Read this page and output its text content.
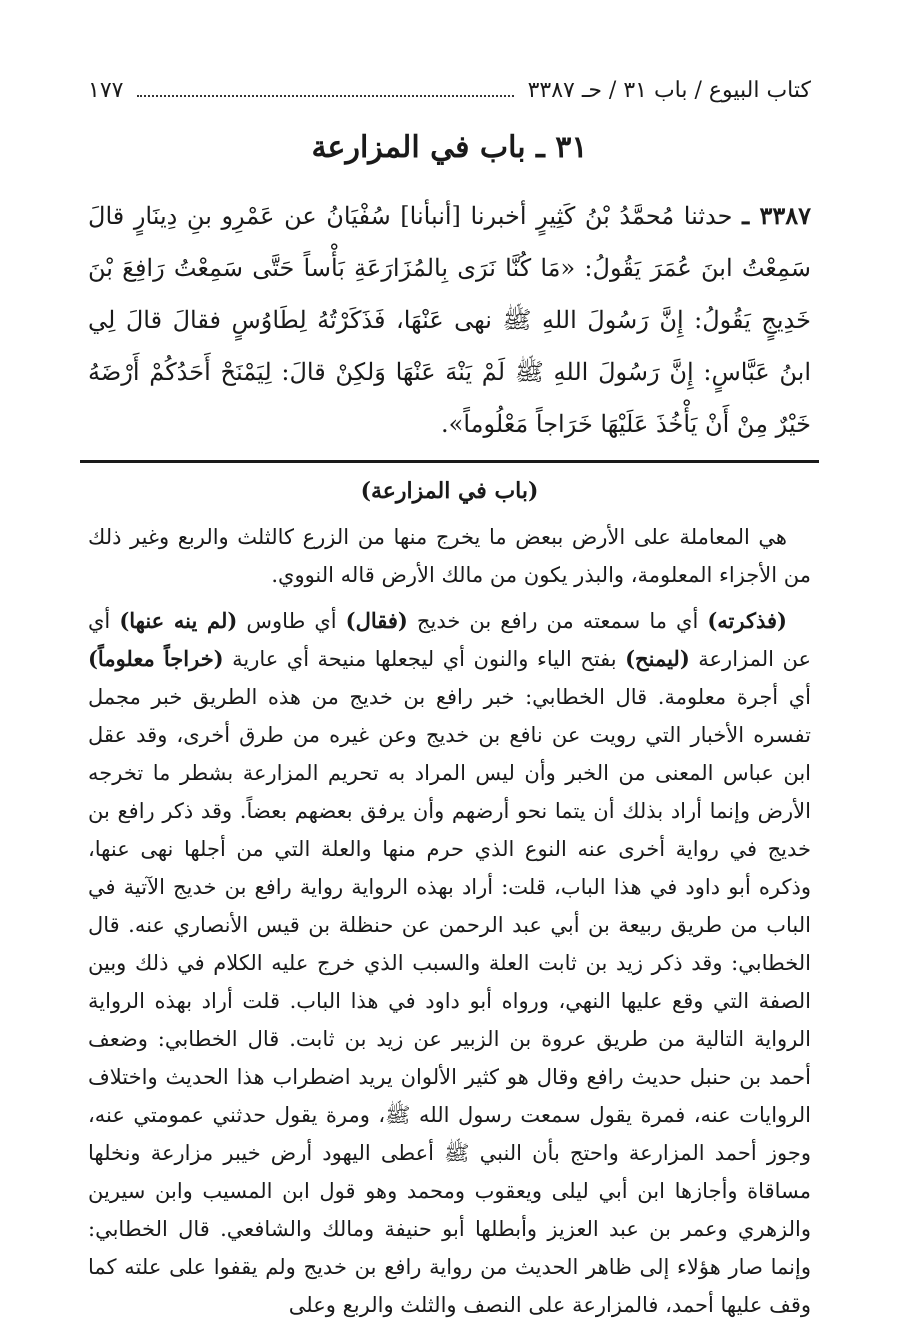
كتاب البيوع / باب ٣١ / حـ ٣٣٨٧
١٧٧
٣١ ـ باب في المزارعة
٣٣٨٧ ـ حدثنا مُحمَّدُ بْنُ كَثِيرٍ أخبرنا [أنبأنا] سُفْيَانُ عن عَمْرِو بنِ دِينَارٍ قالَ سَمِعْتُ ابنَ عُمَرَ يَقُولُ: «مَا كُنَّا نَرَى بِالمُزَارَعَةِ بَأْساً حَتَّى سَمِعْتُ رَافِعَ بْنَ خَدِيجٍ يَقُولُ: إِنَّ رَسُولَ اللهِ ﷺ نهى عَنْهَا، فَذَكَرْتُهُ لِطَاوُسٍ فقالَ قالَ لِي ابنُ عَبَّاسٍ: إِنَّ رَسُولَ اللهِ ﷺ لَمْ يَنْهَ عَنْهَا وَلكِنْ قالَ: لِيَمْنَحْ أَحَدُكُمْ أَرْضَهُ خَيْرٌ مِنْ أَنْ يَأْخُذَ عَلَيْهَا خَرَاجاً مَعْلُوماً».
(باب في المزارعة)

هي المعاملة على الأرض ببعض ما يخرج منها من الزرع كالثلث والربع وغير ذلك من الأجزاء المعلومة، والبذر يكون من مالك الأرض قاله النووي.

(فذكرته) أي ما سمعته من رافع بن خديج (فقال) أي طاوس (لم ينه عنها) أي عن المزارعة (ليمنح) بفتح الياء والنون أي ليجعلها منيحة أي عارية (خراجاً معلوماً) أي أجرة معلومة. قال الخطابي: خبر رافع بن خديج من هذه الطريق خبر مجمل تفسره الأخبار التي رويت عن نافع بن خديج وعن غيره من طرق أخرى، وقد عقل ابن عباس المعنى من الخبر وأن ليس المراد به تحريم المزارعة بشطر ما تخرجه الأرض وإنما أراد بذلك أن يتما نحو أرضهم وأن يرفق بعضهم بعضاً. وقد ذكر رافع بن خديج في رواية أخرى عنه النوع الذي حرم منها والعلة التي من أجلها نهى عنها، وذكره أبو داود في هذا الباب، قلت: أراد بهذه الرواية رواية رافع بن خديج الآتية في الباب من طريق ربيعة بن أبي عبد الرحمن عن حنظلة بن قيس الأنصاري عنه. قال الخطابي: وقد ذكر زيد بن ثابت العلة والسبب الذي خرج عليه الكلام في ذلك وبين الصفة التي وقع عليها النهي، ورواه أبو داود في هذا الباب. قلت أراد بهذه الرواية الرواية التالية من طريق عروة بن الزبير عن زيد بن ثابت. قال الخطابي: وضعف أحمد بن حنبل حديث رافع وقال هو كثير الألوان يريد اضطراب هذا الحديث واختلاف الروايات عنه، فمرة يقول سمعت رسول الله ﷺ، ومرة يقول حدثني عمومتي عنه، وجوز أحمد المزارعة واحتج بأن النبي ﷺ أعطى اليهود أرض خيبر مزارعة ونخلها مساقاة وأجازها ابن أبي ليلى ويعقوب ومحمد وهو قول ابن المسيب وابن سيرين والزهري وعمر بن عبد العزيز وأبطلها أبو حنيفة ومالك والشافعي. قال الخطابي: وإنما صار هؤلاء إلى ظاهر الحديث من رواية رافع بن خديج ولم يقفوا على علته كما وقف عليها أحمد، فالمزارعة على النصف والثلث والربع وعلى
